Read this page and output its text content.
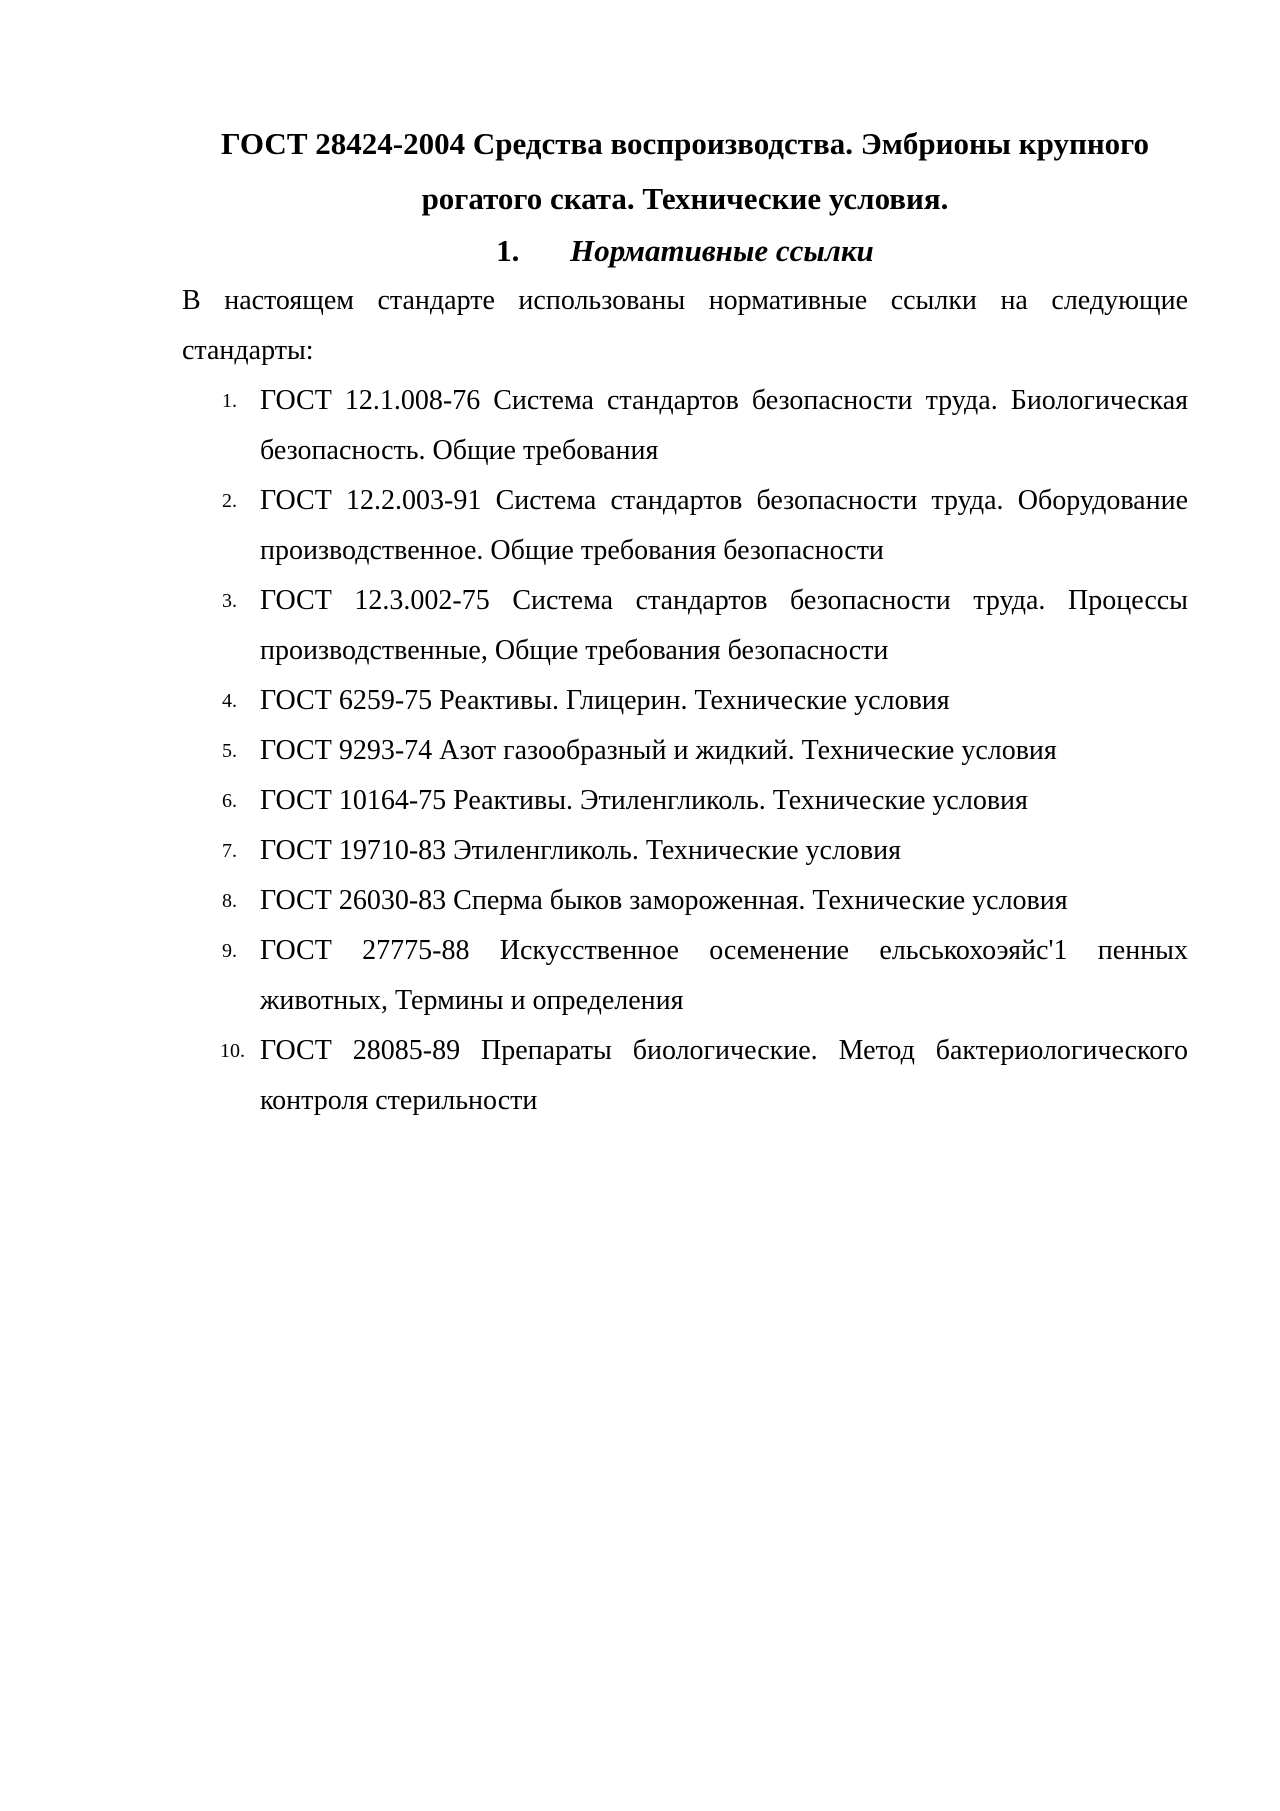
ГОСТ 28424-2004 Средства воспроизводства. Эмбрионы крупного рогатого ската. Технические условия.
1. Нормативные ссылки

В настоящем стандарте использованы нормативные ссылки на следующие стандарты:

1. ГОСТ 12.1.008-76 Система стандартов безопасности труда. Биологическая безопасность. Общие требования
2. ГОСТ 12.2.003-91 Система стандартов безопасности труда. Оборудование производственное. Общие требования безопасности
3. ГОСТ 12.3.002-75 Система стандартов безопасности труда. Процессы производственные, Общие требования безопасности
4. ГОСТ 6259-75 Реактивы. Глицерин. Технические условия
5. ГОСТ 9293-74 Азот газообразный и жидкий. Технические условия
6. ГОСТ 10164-75 Реактивы. Этиленгликоль. Технические условия
7. ГОСТ 19710-83 Этиленгликоль. Технические условия
8. ГОСТ 26030-83 Сперма быков замороженная. Технические условия
9. ГОСТ 27775-88 Искусственное осеменение ельськохоэяйс'1 пенных животных, Термины и определения
10. ГОСТ 28085-89 Препараты биологические. Метод бактериологического контроля стерильности
